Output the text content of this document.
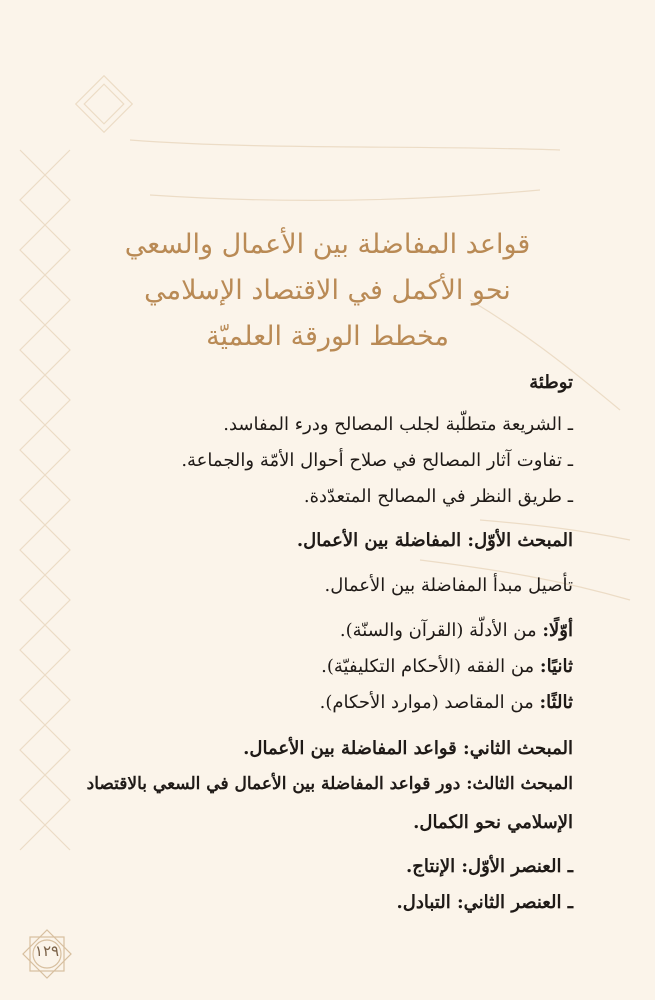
قواعد المفاضلة بين الأعمال والسعي
نحو الأكمل في الاقتصاد الإسلامي
مخطط الورقة العلميّة
توطئة
ـ الشريعة متطلّبة لجلب المصالح ودرء المفاسد.
ـ تفاوت آثار المصالح في صلاح أحوال الأمّة والجماعة.
ـ طريق النظر في المصالح المتعدّدة.
المبحث الأوّل: المفاضلة بين الأعمال.
تأصيل مبدأ المفاضلة بين الأعمال.
أوّلًا: من الأدلّة (القرآن والسنّة).
ثانيًا: من الفقه (الأحكام التكليفيّة).
ثالثًا: من المقاصد (موارد الأحكام).
المبحث الثاني: قواعد المفاضلة بين الأعمال.
المبحث الثالث: دور قواعد المفاضلة بين الأعمال في السعي بالاقتصاد
الإسلامي نحو الكمال.
ـ العنصر الأوّل: الإنتاج.
ـ العنصر الثاني: التبادل.
١٢٩
